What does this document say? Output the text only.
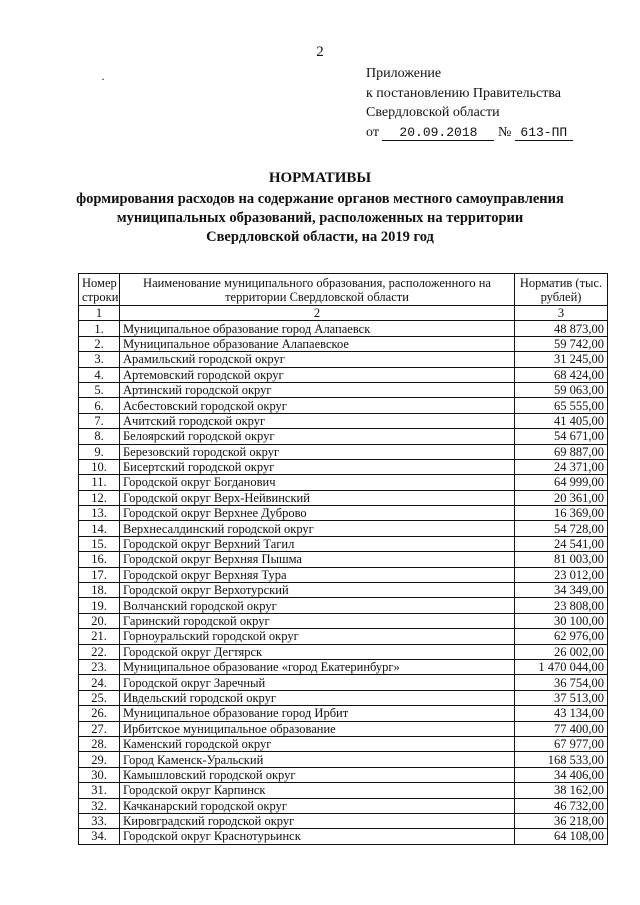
2
·	Приложение
к постановлению Правительства
Свердловской области
от 20.09.2018 № 613-ПП
НОРМАТИВЫ
формирования расходов на содержание органов местного самоуправления
муниципальных образований, расположенных на территории
Свердловской области, на 2019 год
Номер строки	Наименование муниципального образования, расположенного на территории Свердловской области	Норматив (тыс. рублей)
1	2	3
1.	Муниципальное образование город Алапаевск	48 873,00
2.	Муниципальное образование Алапаевское	59 742,00
3.	Арамильский городской округ	31 245,00
4.	Артемовский городской округ	68 424,00
5.	Артинский городской округ	59 063,00
6.	Асбестовский городской округ	65 555,00
7.	Ачитский городской округ	41 405,00
8.	Белоярский городской округ	54 671,00
9.	Березовский городской округ	69 887,00
10.	Бисертский городской округ	24 371,00
11.	Городской округ Богданович	64 999,00
12.	Городской округ Верх-Нейвинский	20 361,00
13.	Городской округ Верхнее Дуброво	16 369,00
14.	Верхнесалдинский городской округ	54 728,00
15.	Городской округ Верхний Тагил	24 541,00
16.	Городской округ Верхняя Пышма	81 003,00
17.	Городской округ Верхняя Тура	23 012,00
18.	Городской округ Верхотурский	34 349,00
19.	Волчанский городской округ	23 808,00
20.	Гаринский городской округ	30 100,00
21.	Горноуральский городской округ	62 976,00
22.	Городской округ Дегтярск	26 002,00
23.	Муниципальное образование «город Екатеринбург»	1 470 044,00
24.	Городской округ Заречный	36 754,00
25.	Ивдельский городской округ	37 513,00
26.	Муниципальное образование город Ирбит	43 134,00
27.	Ирбитское муниципальное образование	77 400,00
28.	Каменский городской округ	67 977,00
29.	Город Каменск-Уральский	168 533,00
30.	Камышловский городской округ	34 406,00
31.	Городской округ Карпинск	38 162,00
32.	Качканарский городской округ	46 732,00
33.	Кировградский городской округ	36 218,00
34.	Городской округ Краснотурьинск	64 108,00
